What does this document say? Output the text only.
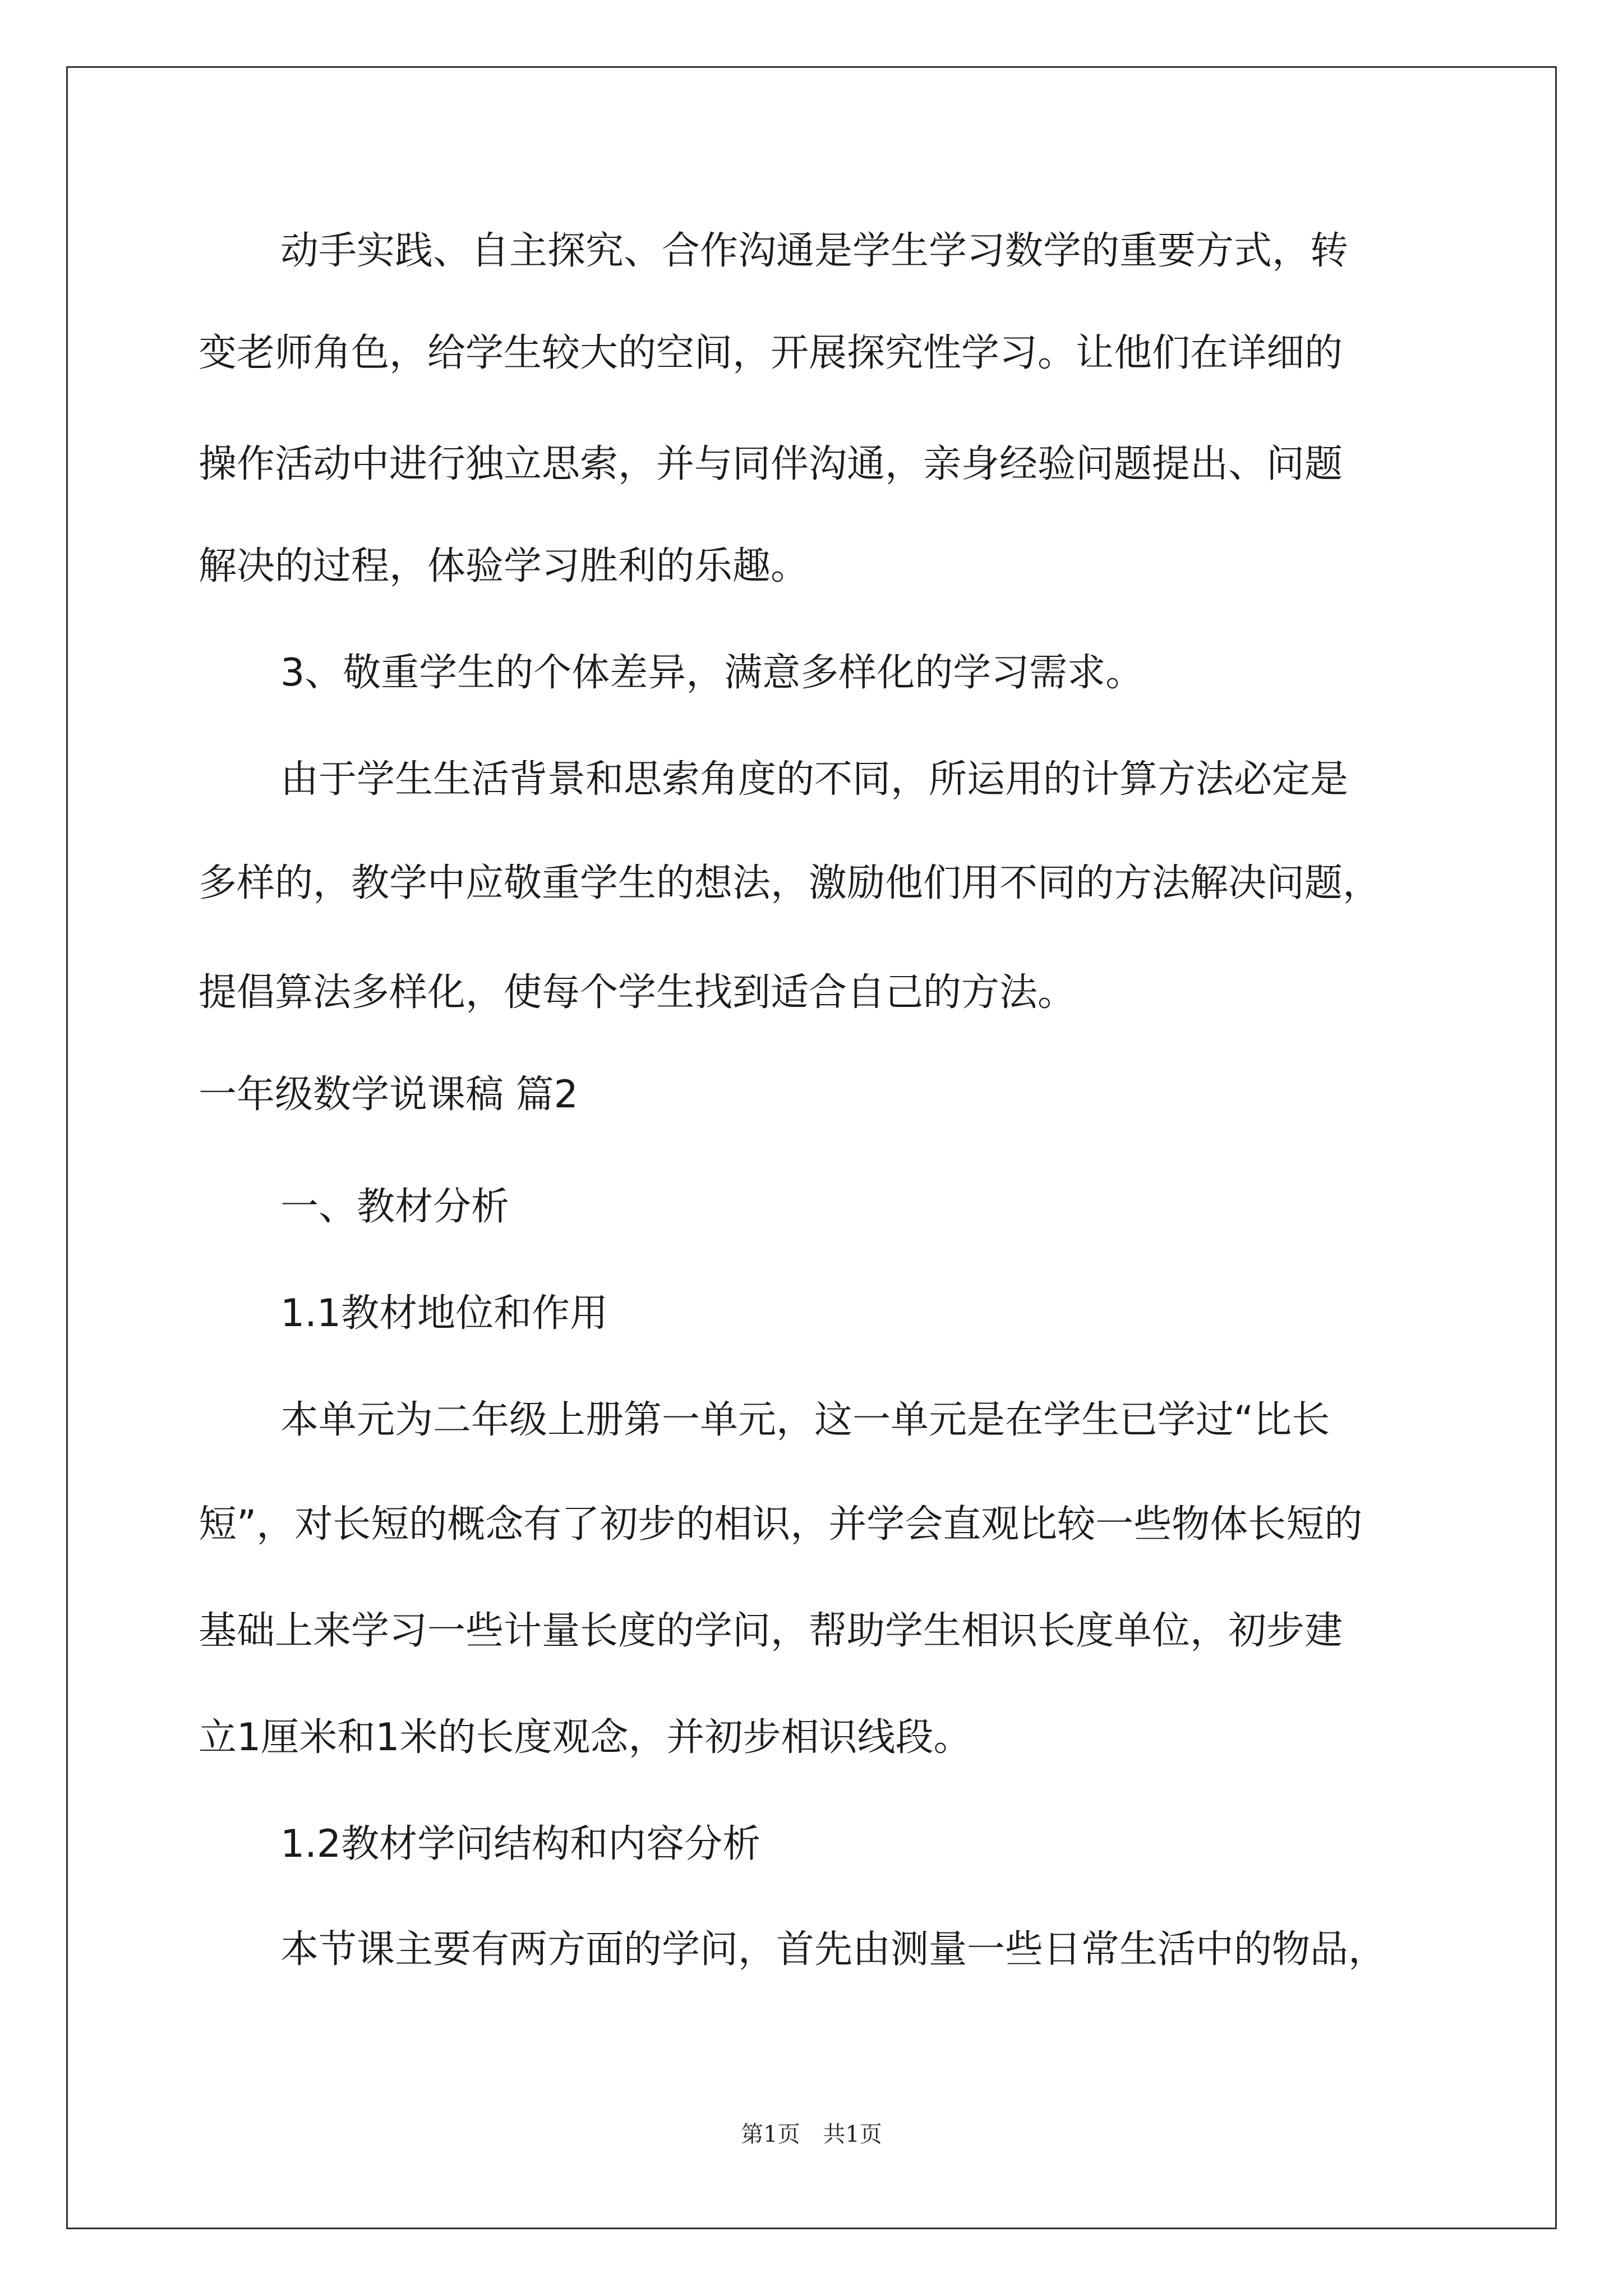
动手实践、自主探究、合作沟通是学生学习数学的重要方式，转
变老师角色，给学生较大的空间，开展探究性学习。让他们在详细的
操作活动中进行独立思索，并与同伴沟通，亲身经验问题提出、问题
解决的过程，体验学习胜利的乐趣。
3、敬重学生的个体差异，满意多样化的学习需求。
由于学生生活背景和思索角度的不同，所运用的计算方法必定是
多样的，教学中应敬重学生的想法，激励他们用不同的方法解决问题，
提倡算法多样化，使每个学生找到适合自己的方法。
一年级数学说课稿 篇2
一、教材分析
1.1教材地位和作用
本单元为二年级上册第一单元，这一单元是在学生已学过“比长
短”，对长短的概念有了初步的相识，并学会直观比较一些物体长短的
基础上来学习一些计量长度的学问，帮助学生相识长度单位，初步建
立1厘米和1米的长度观念，并初步相识线段。
1.2教材学问结构和内容分析
本节课主要有两方面的学问，首先由测量一些日常生活中的物品，
第1页 共1页
